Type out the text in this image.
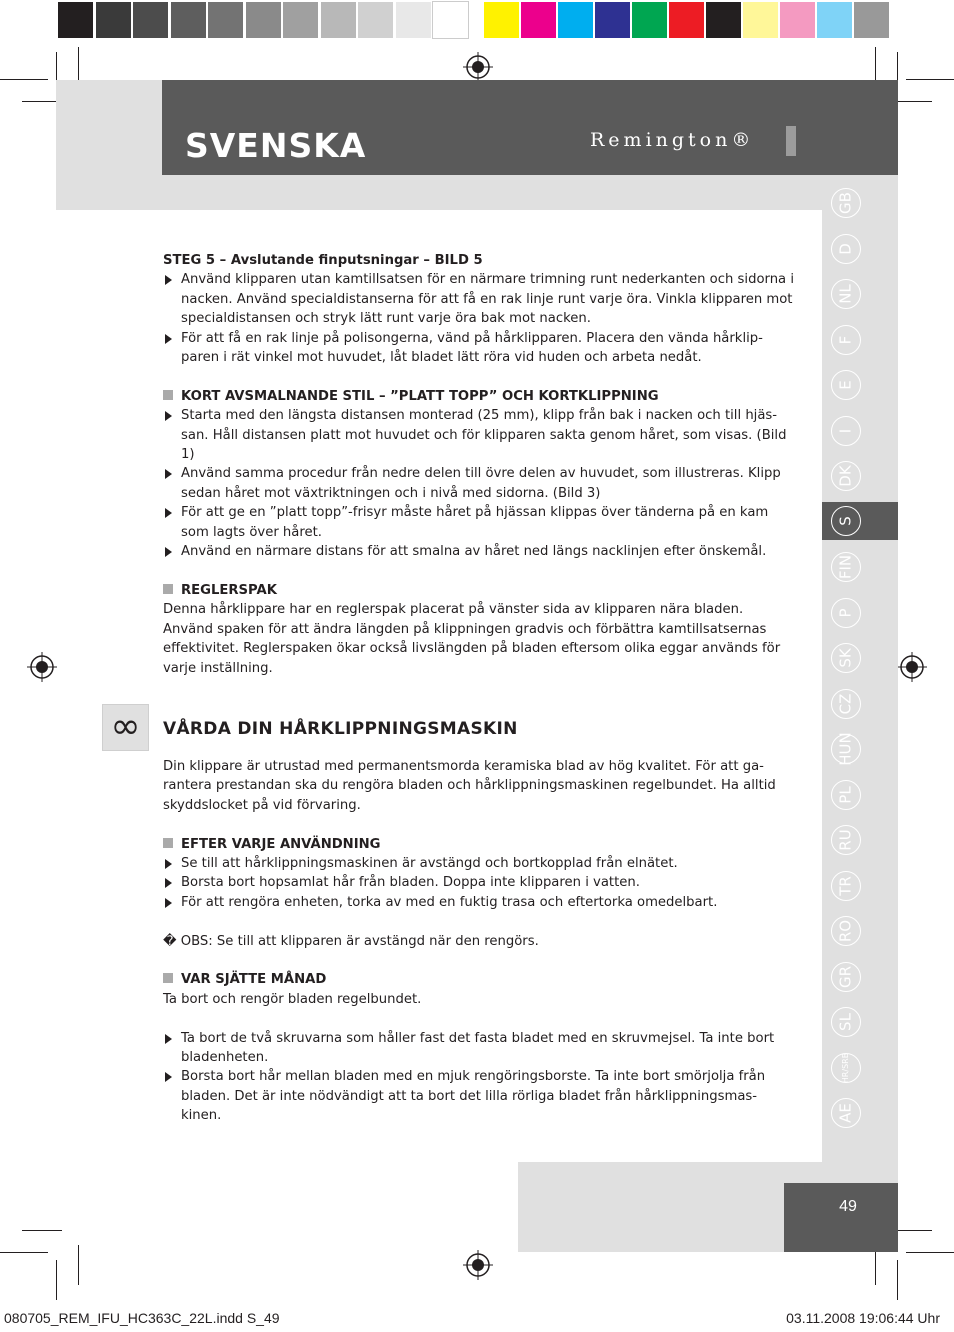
SVENSKA	Remington®
GB
D
NL
F
E
I
DK
S
FIN
P
SK
CZ
HUN
PL
RU
TR
RO
GR
SL
HR/SRB
AE
49
∞

STEG 5 – Avslutande finputsningar – BILD 5

Använd klipparen utan kamtillsatsen för en närmare trimning runt nederkanten och sidorna i nacken. Använd specialdistanserna för att få en rak linje runt varje öra. Vinkla klipparen mot specialdistansen och stryk lätt runt varje öra bak mot nacken.

För att få en rak linje på polisongerna, vänd på hårklipparen. Placera den vända hårklip-paren i rät vinkel mot huvudet, låt bladet lätt röra vid huden och arbeta nedåt.

KORT AVSMALNANDE STIL – ”PLATT TOPP” OCH KORTKLIPPNING

Starta med den längsta distansen monterad (25 mm), klipp från bak i nacken och till hjäs-san. Håll distansen platt mot huvudet och för klipparen sakta genom håret, som visas. (Bild 1)

Använd samma procedur från nedre delen till övre delen av huvudet, som illustreras. Klipp sedan håret mot växtriktningen och i nivå med sidorna. (Bild 3)

För att ge en ”platt topp”-frisyr måste håret på hjässan klippas över tänderna på en kam som lagts över håret.

Använd en närmare distans för att smalna av håret ned längs nacklinjen efter önskemål.

REGLERSPAK

Denna hårklippare har en reglerspak placerat på vänster sida av klipparen nära bladen. Använd spaken för att ändra längden på klippningen gradvis och förbättra kamtillsatsernas effektivitet. Reglerspaken ökar också livslängden på bladen eftersom olika eggar används för varje inställning.

VÅRDA DIN HÅRKLIPPNINGSMASKIN

Din klippare är utrustad med permanentsmorda keramiska blad av hög kvalitet. För att ga-rantera prestandan ska du rengöra bladen och hårklippningsmaskinen regelbundet. Ha alltid skyddslocket på vid förvaring.

EFTER VARJE ANVÄNDNING

Se till att hårklippningsmaskinen är avstängd och bortkopplad från elnätet.

Borsta bort hopsamlat hår från bladen. Doppa inte klipparen i vatten.

För att rengöra enheten, torka av med en fuktig trasa och eftertorka omedelbart.

� OBS: Se till att klipparen är avstängd när den rengörs.

VAR SJÄTTE MÅNAD

Ta bort och rengör bladen regelbundet.

Ta bort de två skruvarna som håller fast det fasta bladet med en skruvmejsel. Ta inte bort bladenheten.

Borsta bort hår mellan bladen med en mjuk rengöringsborste. Ta inte bort smörjolja från bladen. Det är inte nödvändigt att ta bort det lilla rörliga bladet från hårklippningsmas-kinen.

080705_REM_IFU_HC363C_22L.indd S_49	03.11.2008 19:06:44 Uhr
